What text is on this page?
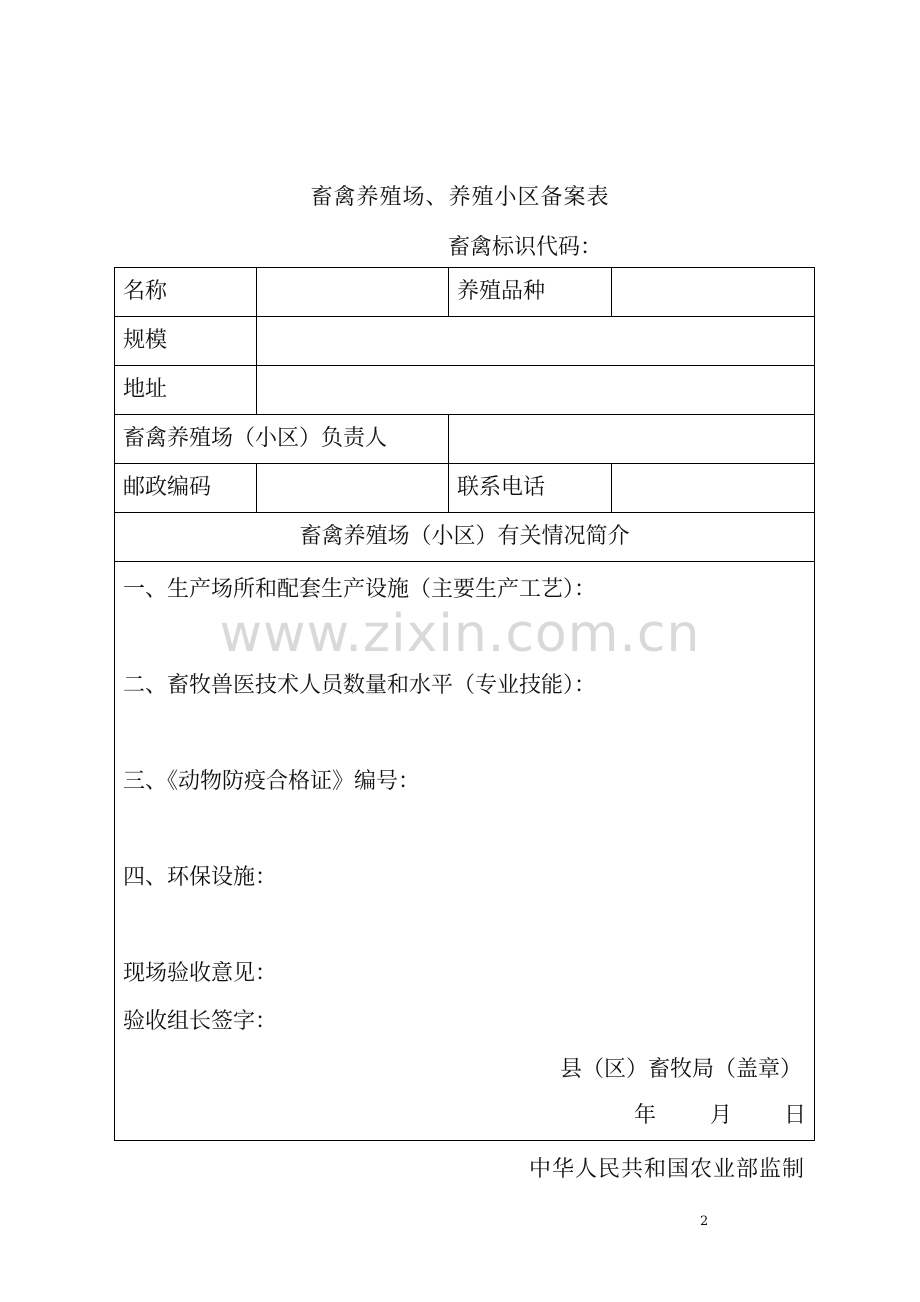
畜禽养殖场、养殖小区备案表
畜禽标识代码：
名称	养殖品种
规模
地址
畜禽养殖场（小区）负责人
邮政编码	联系电话
畜禽养殖场（小区）有关情况简介
一、生产场所和配套生产设施（主要生产工艺）：
二、畜牧兽医技术人员数量和水平（专业技能）：
三、《动物防疫合格证》编号：
四、环保设施：
现场验收意见：
验收组长签字：
县（区）畜牧局（盖章）
年 月 日
www.zixin.com.cn
中华人民共和国农业部监制
2
